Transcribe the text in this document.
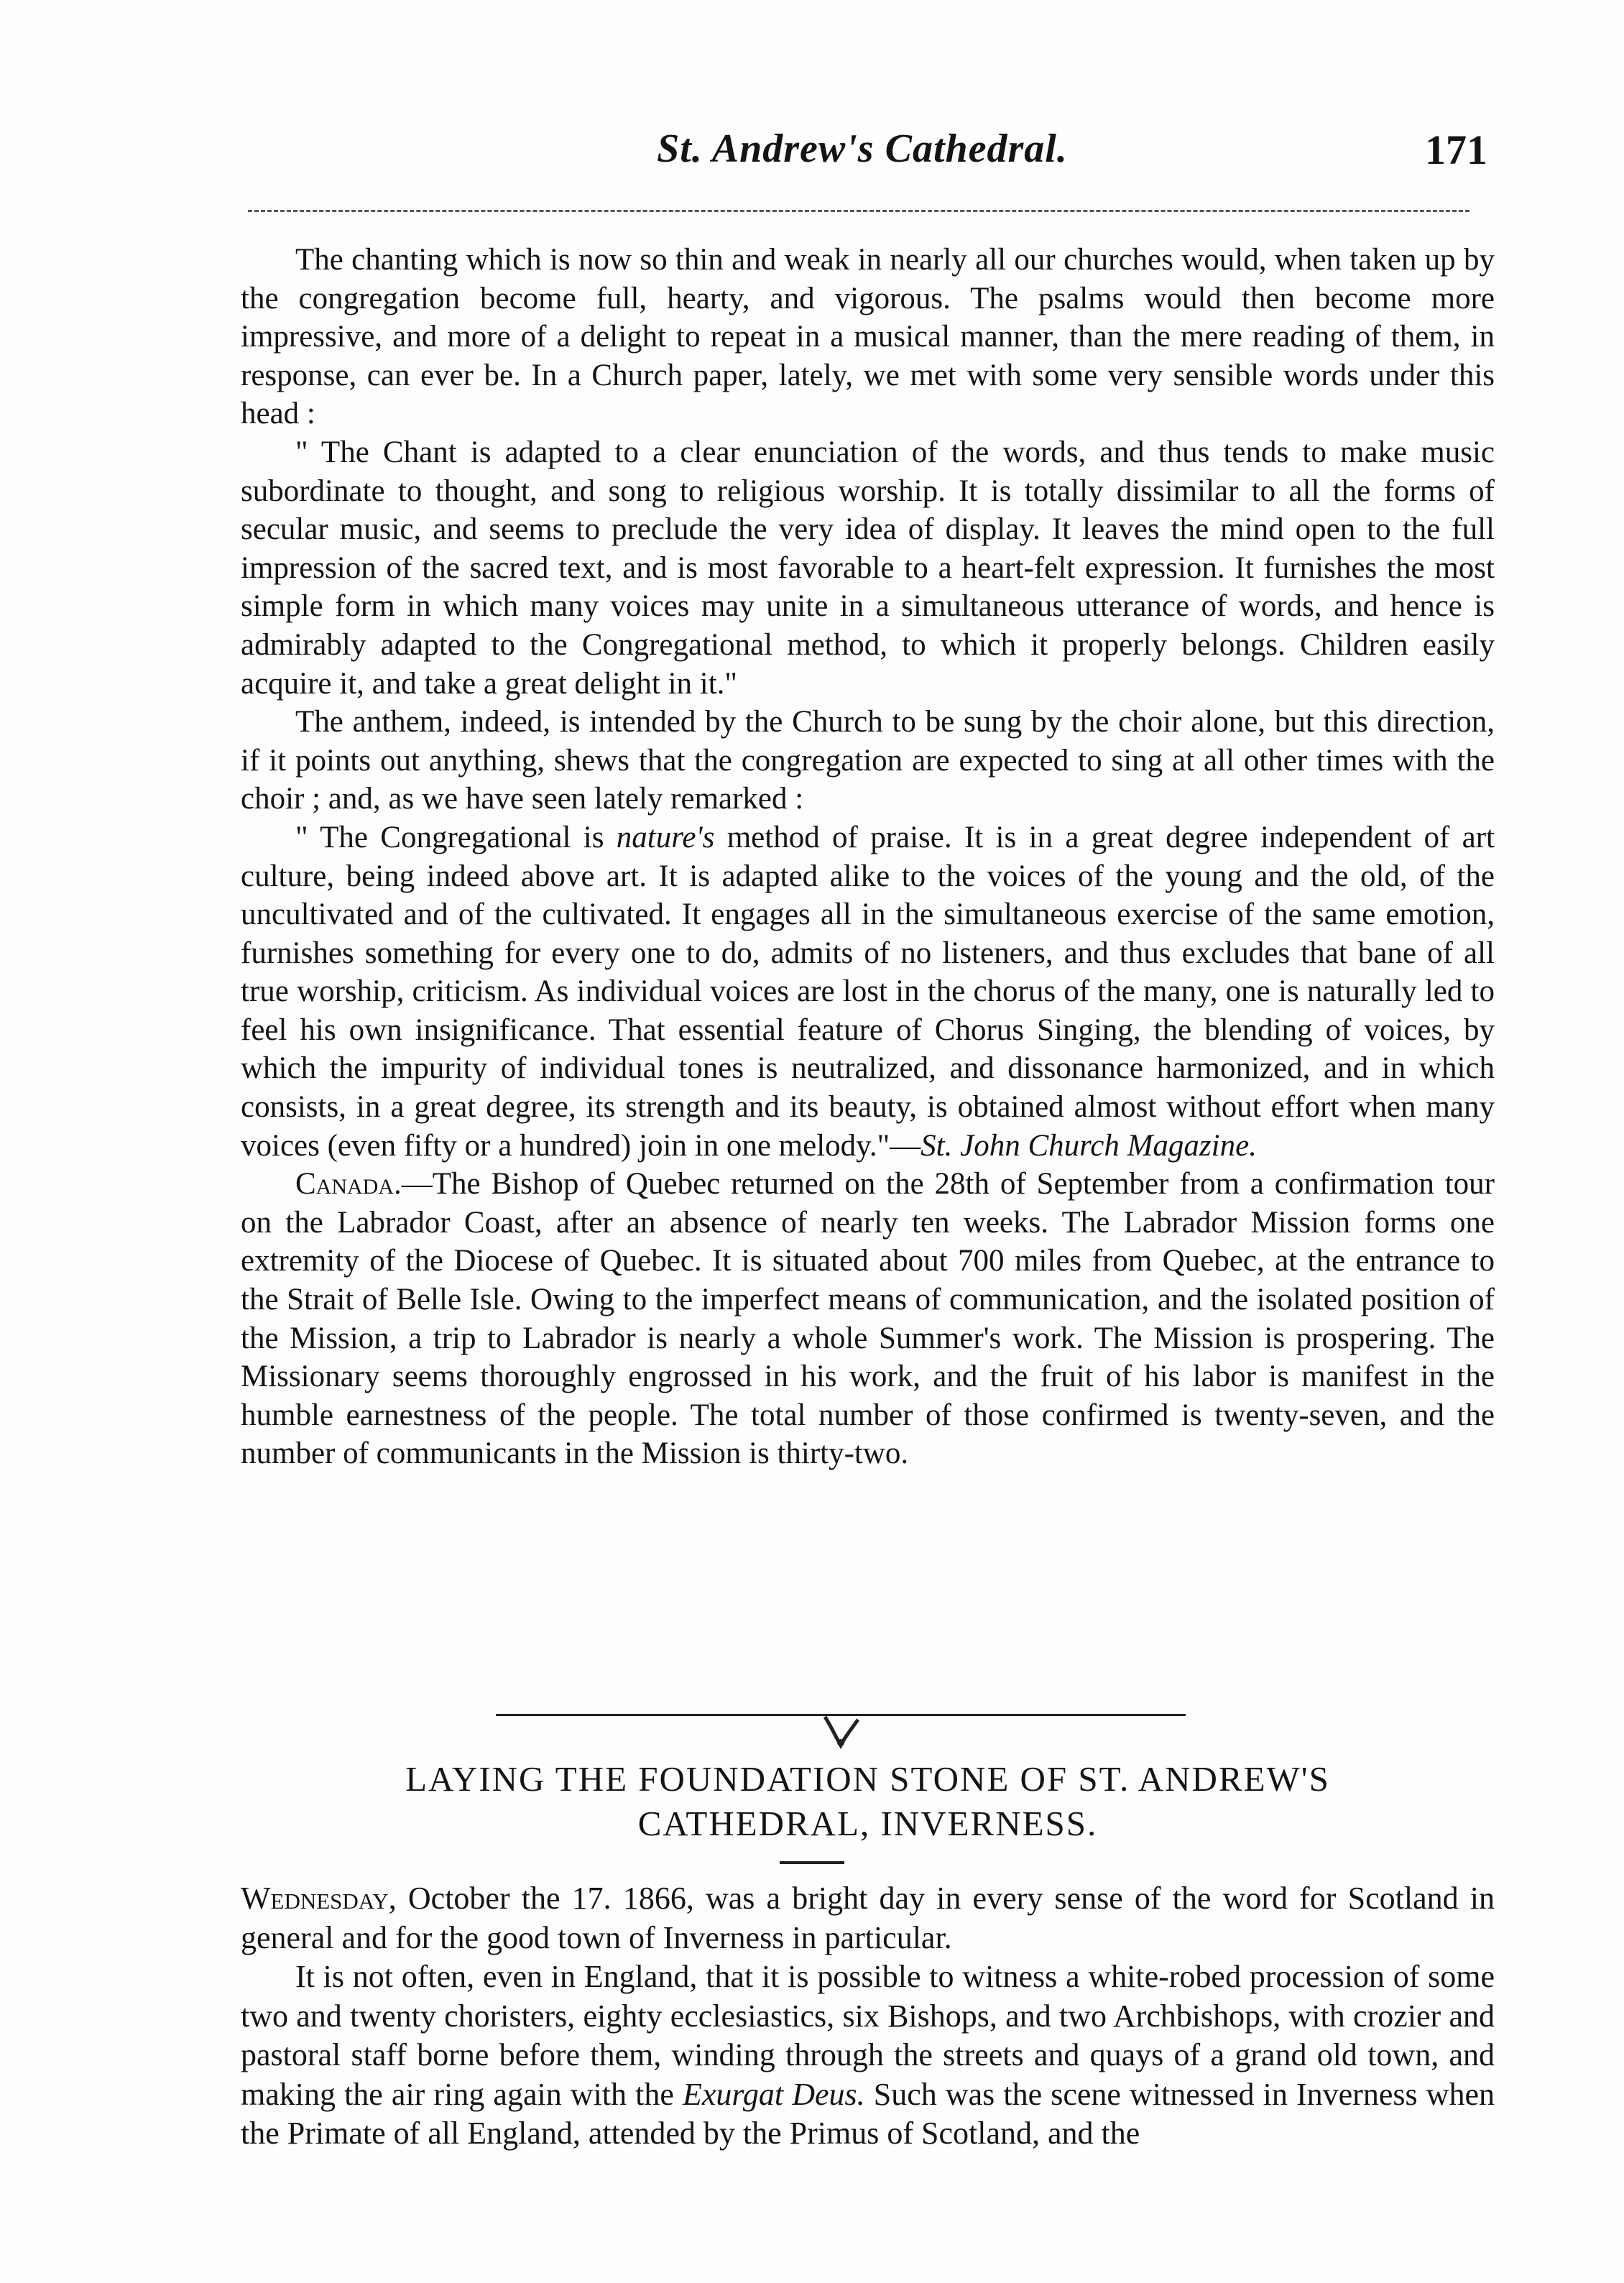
St. Andrew's Cathedral.	171

The chanting which is now so thin and weak in nearly all our churches would, when taken up by the congregation become full, hearty, and vigorous. The psalms would then become more impressive, and more of a delight to repeat in a musical manner, than the mere reading of them, in response, can ever be. In a Church paper, lately, we met with some very sensible words under this head :

" The Chant is adapted to a clear enunciation of the words, and thus tends to make music subordinate to thought, and song to religious worship. It is totally dissimilar to all the forms of secular music, and seems to preclude the very idea of display. It leaves the mind open to the full impression of the sacred text, and is most favorable to a heart-felt expression. It furnishes the most simple form in which many voices may unite in a simultaneous utterance of words, and hence is admirably adapted to the Congregational method, to which it properly belongs. Children easily acquire it, and take a great delight in it."

The anthem, indeed, is intended by the Church to be sung by the choir alone, but this direction, if it points out anything, shews that the congregation are expected to sing at all other times with the choir ; and, as we have seen lately remarked :

" The Congregational is nature's method of praise. It is in a great degree independent of art culture, being indeed above art. It is adapted alike to the voices of the young and the old, of the uncultivated and of the cultivated. It engages all in the simultaneous exercise of the same emotion, furnishes something for every one to do, admits of no listeners, and thus excludes that bane of all true worship, criticism. As individual voices are lost in the chorus of the many, one is naturally led to feel his own insignificance. That essential feature of Chorus Singing, the blending of voices, by which the impurity of individual tones is neutralized, and dissonance harmonized, and in which consists, in a great degree, its strength and its beauty, is obtained almost without effort when many voices (even fifty or a hundred) join in one melody."—St. John Church Magazine.

Canada.—The Bishop of Quebec returned on the 28th of September from a confirmation tour on the Labrador Coast, after an absence of nearly ten weeks. The Labrador Mission forms one extremity of the Diocese of Quebec. It is situated about 700 miles from Quebec, at the entrance to the Strait of Belle Isle. Owing to the imperfect means of communication, and the isolated position of the Mission, a trip to Labrador is nearly a whole Summer's work. The Mission is prospering. The Missionary seems thoroughly engrossed in his work, and the fruit of his labor is manifest in the humble earnestness of the people. The total number of those confirmed is twenty-seven, and the number of communicants in the Mission is thirty-two.

LAYING THE FOUNDATION STONE OF ST. ANDREW'S
CATHEDRAL, INVERNESS.

Wednesday, October the 17. 1866, was a bright day in every sense of the word for Scotland in general and for the good town of Inverness in particular.

It is not often, even in England, that it is possible to witness a white-robed procession of some two and twenty choristers, eighty ecclesiastics, six Bishops, and two Archbishops, with crozier and pastoral staff borne before them, winding through the streets and quays of a grand old town, and making the air ring again with the Exurgat Deus. Such was the scene witnessed in Inverness when the Primate of all England, attended by the Primus of Scotland, and the
